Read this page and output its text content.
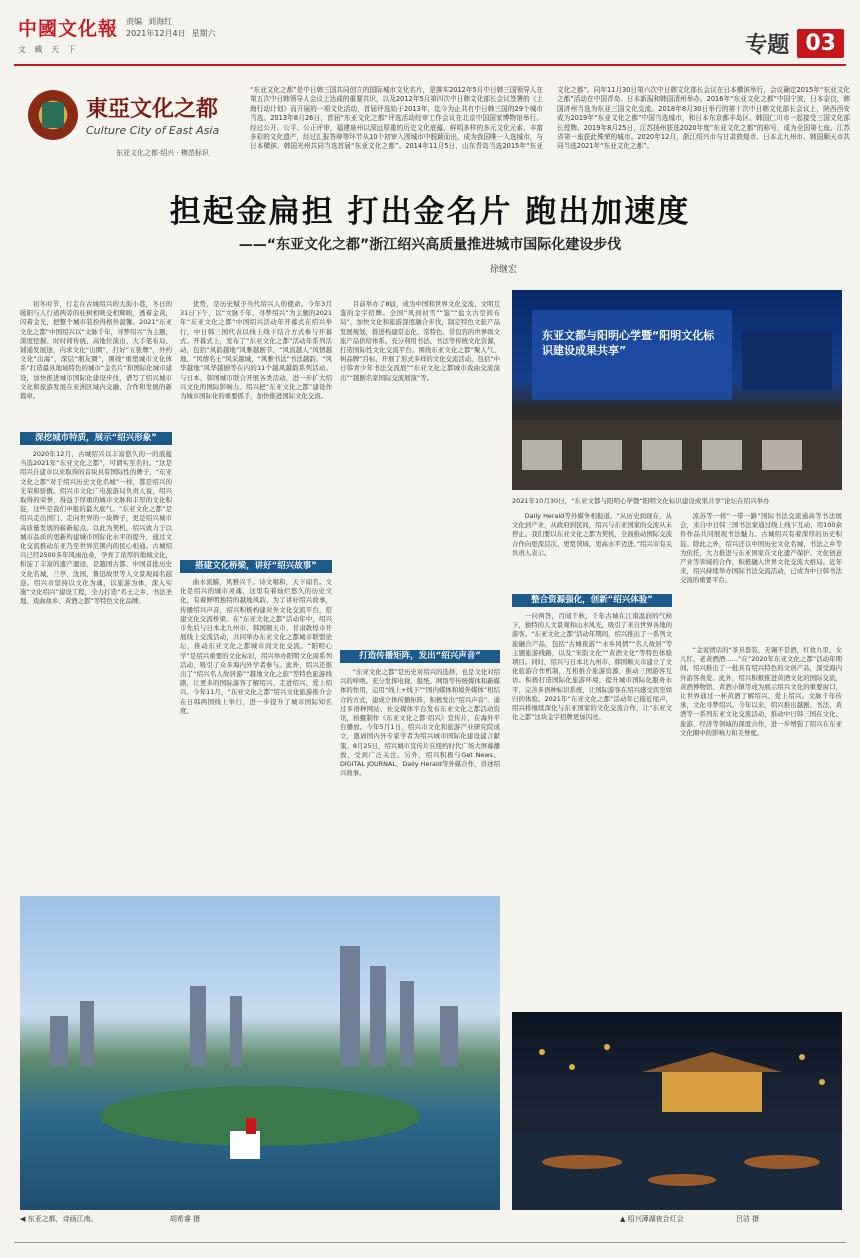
中國文化報
文 藏 天 下
责编 刘海红
2021年12月4日 星期六	专题 03
東亞文化之都
Culture City of East Asia
东亚文化之都·绍兴 · 模范标识
“东亚文化之都”是中日韩三国共同创立的国际城市文化名片，是落实2012年5月中日韩三国领导人在第五次中日韩领导人会议上达成的重要共识，以及2012年5月第四次中日韩文化部长会议签署的《上海行动计划》而开展的一项文化活动，首届评选始于2013年，迄今为止共有中日韩三国的29个城市当选。2013年8月26日，首届“东亚文化之都”评选活动经审工作会议在北京中国国家博物馆举行。经过公开、公平、公正评审，福建泉州以深远厚重的历史文化底蕴、鲜明多样的多元文化元素、丰富多彩的文化遗产，经过汇报答辩等环节从10个初审入围城市中脱颖而出，成为我国唯一入选城市，与日本横滨、韩国光州共同当选首届“东亚文化之都”。2014年11月5日，山东青岛当选2015年“东亚文化之都”。同年11月30日第六次中日韩文化部长会议在日本横滨举行，会议确定2015年“东亚文化之都”活动在中国青岛、日本新潟和韩国清州举办。2016年“东亚文化之都”中国宁波，日本奈良，韩国济州当选为东亚三国文化交流。2018年8月30日举行的第十次中日韩文化部长会议上，陕西西安成为2019年“东亚文化之都”中国当选城市，和日本东京都丰岛区、韩国仁川市一起接受三国文化部长授牌。2019年8月25日，江苏扬州获选2020年度“东亚文化之都”的称号，成为全国第七座、江苏省第一座获此殊荣的城市。2020年12月，浙江绍兴市与甘肃敦煌市、日本北九州市、韩国顺天市共同当选2021年“东亚文化之都”。
担起金扁担 打出金名片 跑出加速度
——“东亚文化之都”浙江绍兴高质量推进城市国际化建设步伐
徐继宏

初冬时节，行走在古城绍兴的大街小巷，冬日的暖阳与人行道两旁的桂树相映交相辉映，透着金黄，闪着金光，把整个城市装扮得格外温馨。2021“东亚文化之都”中国绍兴以“文脉千年，寻梦绍兴”为主题，深度挖掘、时时间传统、高地位演出、大手笔布局、铺通发展途，内求文化“出圈”，打好“五张牌”，外约文化“出海”，深层“朋友圈”，围绕“重塑城市文化体系”打造最具地域特色的城市“金名片”和国际化城市建设，加快推进城市国际化建设步伐，谱写了绍兴城市文化和旅游发展在亚洲区域内交融、合作和发展的新篇章。

深挖城市特质，展示“绍兴形象”

2020年12月，古城绍兴以丰富悠久的一的底蕴当选2021年“东亚文化之都”，可谓实至名归。“这是绍兴自建市以来取得的首块具有国际性的牌子，“东亚文化之都”对于绍兴历史文化名城”一样，都是绍兴的光荣和骄傲。绍兴市文化广电旅游局负责人说，绍兴取得的荣誉，得益于厚重的城市文脉和丰厚的文化积淀，这些是我们申报的最大底气。“东亚文化之都”是绍兴走出国门、走向世界的一块牌子，更是绍兴城市高质量发展的崭新起点。以此为契机，绍兴致力于以城市品质的更新构建城市国际化水平的提升，通过文化交流推动东亚乃至世界范围内的民心相通。古城绍兴已经2500多年风雨沧桑，孕育了浓厚的地域文化，积淀了丰富的遗产遗迹，是越国古都、中国首批历史文化名城，兰亭、沈园、鲁迅故里等人文景观闻名遐迩。绍兴市坚持以文化为魂，以旅游为体，深入实施“文化绍兴”建设工程，全力打造“名士之乡、书法圣地、戏曲故乡、黄酒之都”等特色文化品牌。

优势，是历史赋予当代绍兴人的使命。今年3月31日下午，以“文脉千年，寻梦绍兴”为主题的2021年“东亚文化之都”中国绍兴活动年开幕式在绍兴举行，中日韩三国代表以线上线下结合方式参与开幕式。开幕式上，发布了“东亚文化之都”活动年系列活动，包括“风韵越地”风雅越剧节、“风流越人”风情越地、“风情名士”风采越城、“风雅书法”书法越韵、“风华越地”风华越剧等在内的11个越风越韵系列活动。与日本、韩国城市联合开展各类活动，进一步扩大绍兴文化的国际影响力。绍兴把“东亚文化之都”建设作为城市国际化的重要抓手，加快推进国际文化交流。

搭建文化桥梁，讲好“绍兴故事”

曲水流觞，风雅兴千。诗文唱和，天下闻名。文化是绍兴的城市灵魂，这里有着灿烂悠久的历史文化，有着鲜明独特的越地风韵。为了讲好绍兴故事，传播绍兴声音，绍兴积极构建对外文化交流平台，搭建文化交流桥梁。在“东亚文化之都”活动年中，绍兴市先后与日本北九州市、韩国顺天市、甘肃敦煌市开展线上交流活动，共同举办东亚文化之都城市联盟论坛，推动东亚文化之都城市间文化交流。“阳明心学”是绍兴重要的文化标识，绍兴举办阳明文化周系列活动，吸引了众多海内外学者参与。此外，绍兴还推出了“绍兴名人故居游”“越地文化之旅”等特色旅游线路，让更多的国际游客了解绍兴、走进绍兴、爱上绍兴。今年11月，“东亚文化之都”绍兴文化旅游推介会在日韩两国线上举行，进一步提升了城市国际知名度。

目前举办了8届，成为中国和世界文化交流、文明互鉴的金字招牌。全国“风到初雪”“鉴”“盐文古空间布局”，加快文化和旅游深度融合步伐，制定特色文旅产品发展规划，推进构建常态化、常特色、常包容的世界级文旅产品供给体系。充分利用书法、书法等传统文化资源，打造国际性文化交流平台。围绕东亚文化之都“聚人气、树品牌”目标，开展了形式多样的文化交流活动，包括“中日韩青少年书法交流展”“东亚文化之都城市戏曲交流演出”“越剧名家国际交流展演”等。

打造传播矩阵，发出“绍兴声音”

“东亚文化之都”是历史对绍兴的选择，也是文化对绍兴的呼唤。充分发挥电视、报纸、网络等传统媒体和新媒体的作用，运用“线上+线下”“国内媒体和境外媒体”相结合的方式，建成立体传播矩阵，积极发出“绍兴声音”。通过多语种网站、社交媒体平台发布东亚文化之都活动资讯，拍摄制作《东亚文化之都·绍兴》宣传片，在海外平台播放。今年5月1日，绍兴市文化和旅游产业研究院成立，邀请国内外专家学者为绍兴城市国际化建设建言献策。8月25日，绍兴城市宣传片在纽约时代广场大屏幕播放，受到广泛关注。另外，绍兴积极与Get News、DIGITAL JOURNAL、Daily Herald等外媒合作，讲述绍兴故事。

东亚文都与阳明心学暨“阳明文化标识建设成果共享”
2021年10月30日，“东亚文都与阳明心学暨“阳明文化标识建设成果共享”论坛在绍兴举办

Daily Herald等外媒争相报道。“从历史到现在，从文化到产业，从政府到民间，绍兴与东亚国家的交流从未停止。我们要以东亚文化之都为契机，全面推动国际交流合作向更深层次、更宽领域、更高水平迈进。”绍兴市有关负责人表示。

整合资源强化，创新“绍兴体验”

一问两答，百闻千秋，千年古城在江南温润的气候下，独特的人文景观和山水风光，吸引了来自世界各地的游客。“东亚文化之都”活动年期间，绍兴推出了一系列文旅融合产品，包括“古城夜游”“水乡风情”“名人故居”等主题旅游线路，以及“宋韵文化”“黄酒文化”等特色体验项目。同时，绍兴与日本北九州市、韩国顺天市建立了文化旅游合作机制，互相推介旅游资源，推动三国游客互访。积极打造国际化旅游环境，提升城市国际化服务水平，完善多语种标识系统，让国际游客在绍兴感受宾至如归的体验。2021年“东亚文化之都”活动年已接近尾声，绍兴将继续深化与东亚国家的文化交流合作，让“东亚文化之都”这块金字招牌更加闪亮。

流苏等一样“一带一路”国际书法交流通高等书法展会，来自中日韩三国书法家通过线上线下互动，用100余件作品共同展现书法魅力。古城绍兴有着深厚的历史积淀。除此之外，绍兴还以中国历史文化名城、书法之乡等为依托，大力推进与东亚国家在文化遗产保护、文化创意产业等领域的合作，积极融入世界文化交流大格局。近年来，绍兴持续举办国际书法交流活动，已成为中日韩书法交流的重要平台。

“金说情话的“茶具套装，无锡不是酒，红妆九里、女儿红、老黄酒酒……”在“2020年东亚文化之都”活动年期间，绍兴推出了一批具有绍兴特色的文创产品，深受海内外游客喜爱。此外，绍兴积极推进黄酒文化的国际交流，黄酒博物馆、黄酒小镇等成为展示绍兴文化的重要窗口，让世界通过一杯黄酒了解绍兴、爱上绍兴。文脉千年传承，文化寻梦绍兴。今年以来，绍兴推出越剧、书法、黄酒等一系列东亚文化交流活动，推动中日韩三国在文化、旅游、经济等领域的深度合作，进一步增强了绍兴在东亚文化圈中的影响力和美誉度。

◀ 东亚之都，诗画江南。	胡希睿 摄	▲ 绍兴薄湖夜合灯会	吕洁 摄
